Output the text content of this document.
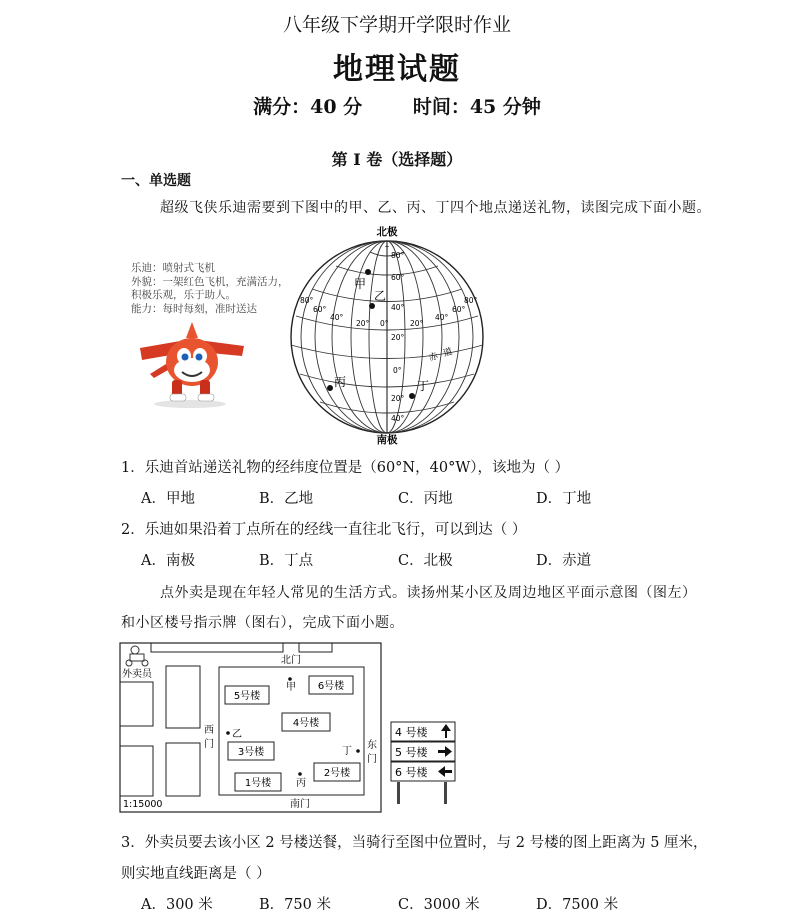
八年级下学期开学限时作业
地理试题
满分：40 分	时间：45 分钟
第 I 卷（选择题）
一、单选题
超级飞侠乐迪需要到下图中的甲、乙、丙、丁四个地点递送礼物，读图完成下面小题。
乐迪：喷射式飞机
外貌：一架红色飞机，充满活力，
积极乐观，乐于助人。
能力：每时每刻，准时送达
北极
+
80°
60°
40°
20°
0°
20°
40°
80°
60°
40°
20° 0°	20°
40°
60°
80°
甲
乙
丙	丁
赤道
南极
1．乐迪首站递送礼物的经纬度位置是（60°N，40°W），该地为（ ）
A．甲地	B．乙地	C．丙地	D．丁地
2．乐迪如果沿着丁点所在的经线一直往北飞行，可以到达（ ）
A．南极	B．丁点	C．北极	D．赤道
点外卖是现在年轻人常见的生活方式。读扬州某小区及周边地区平面示意图（图左）
和小区楼号指示牌（图右），完成下面小题。
外卖员
北门
南门
西
门	东
门
甲
乙
丙
丁
5号楼
6号楼
4号楼
3号楼
2号楼
1号楼
1:15000
4 号楼
5 号楼
6 号楼
3．外卖员要去该小区 2 号楼送餐，当骑行至图中位置时，与 2 号楼的图上距离为 5 厘米，
则实地直线距离是（ ）
A．300 米	B．750 米	C．3000 米	D．7500 米
